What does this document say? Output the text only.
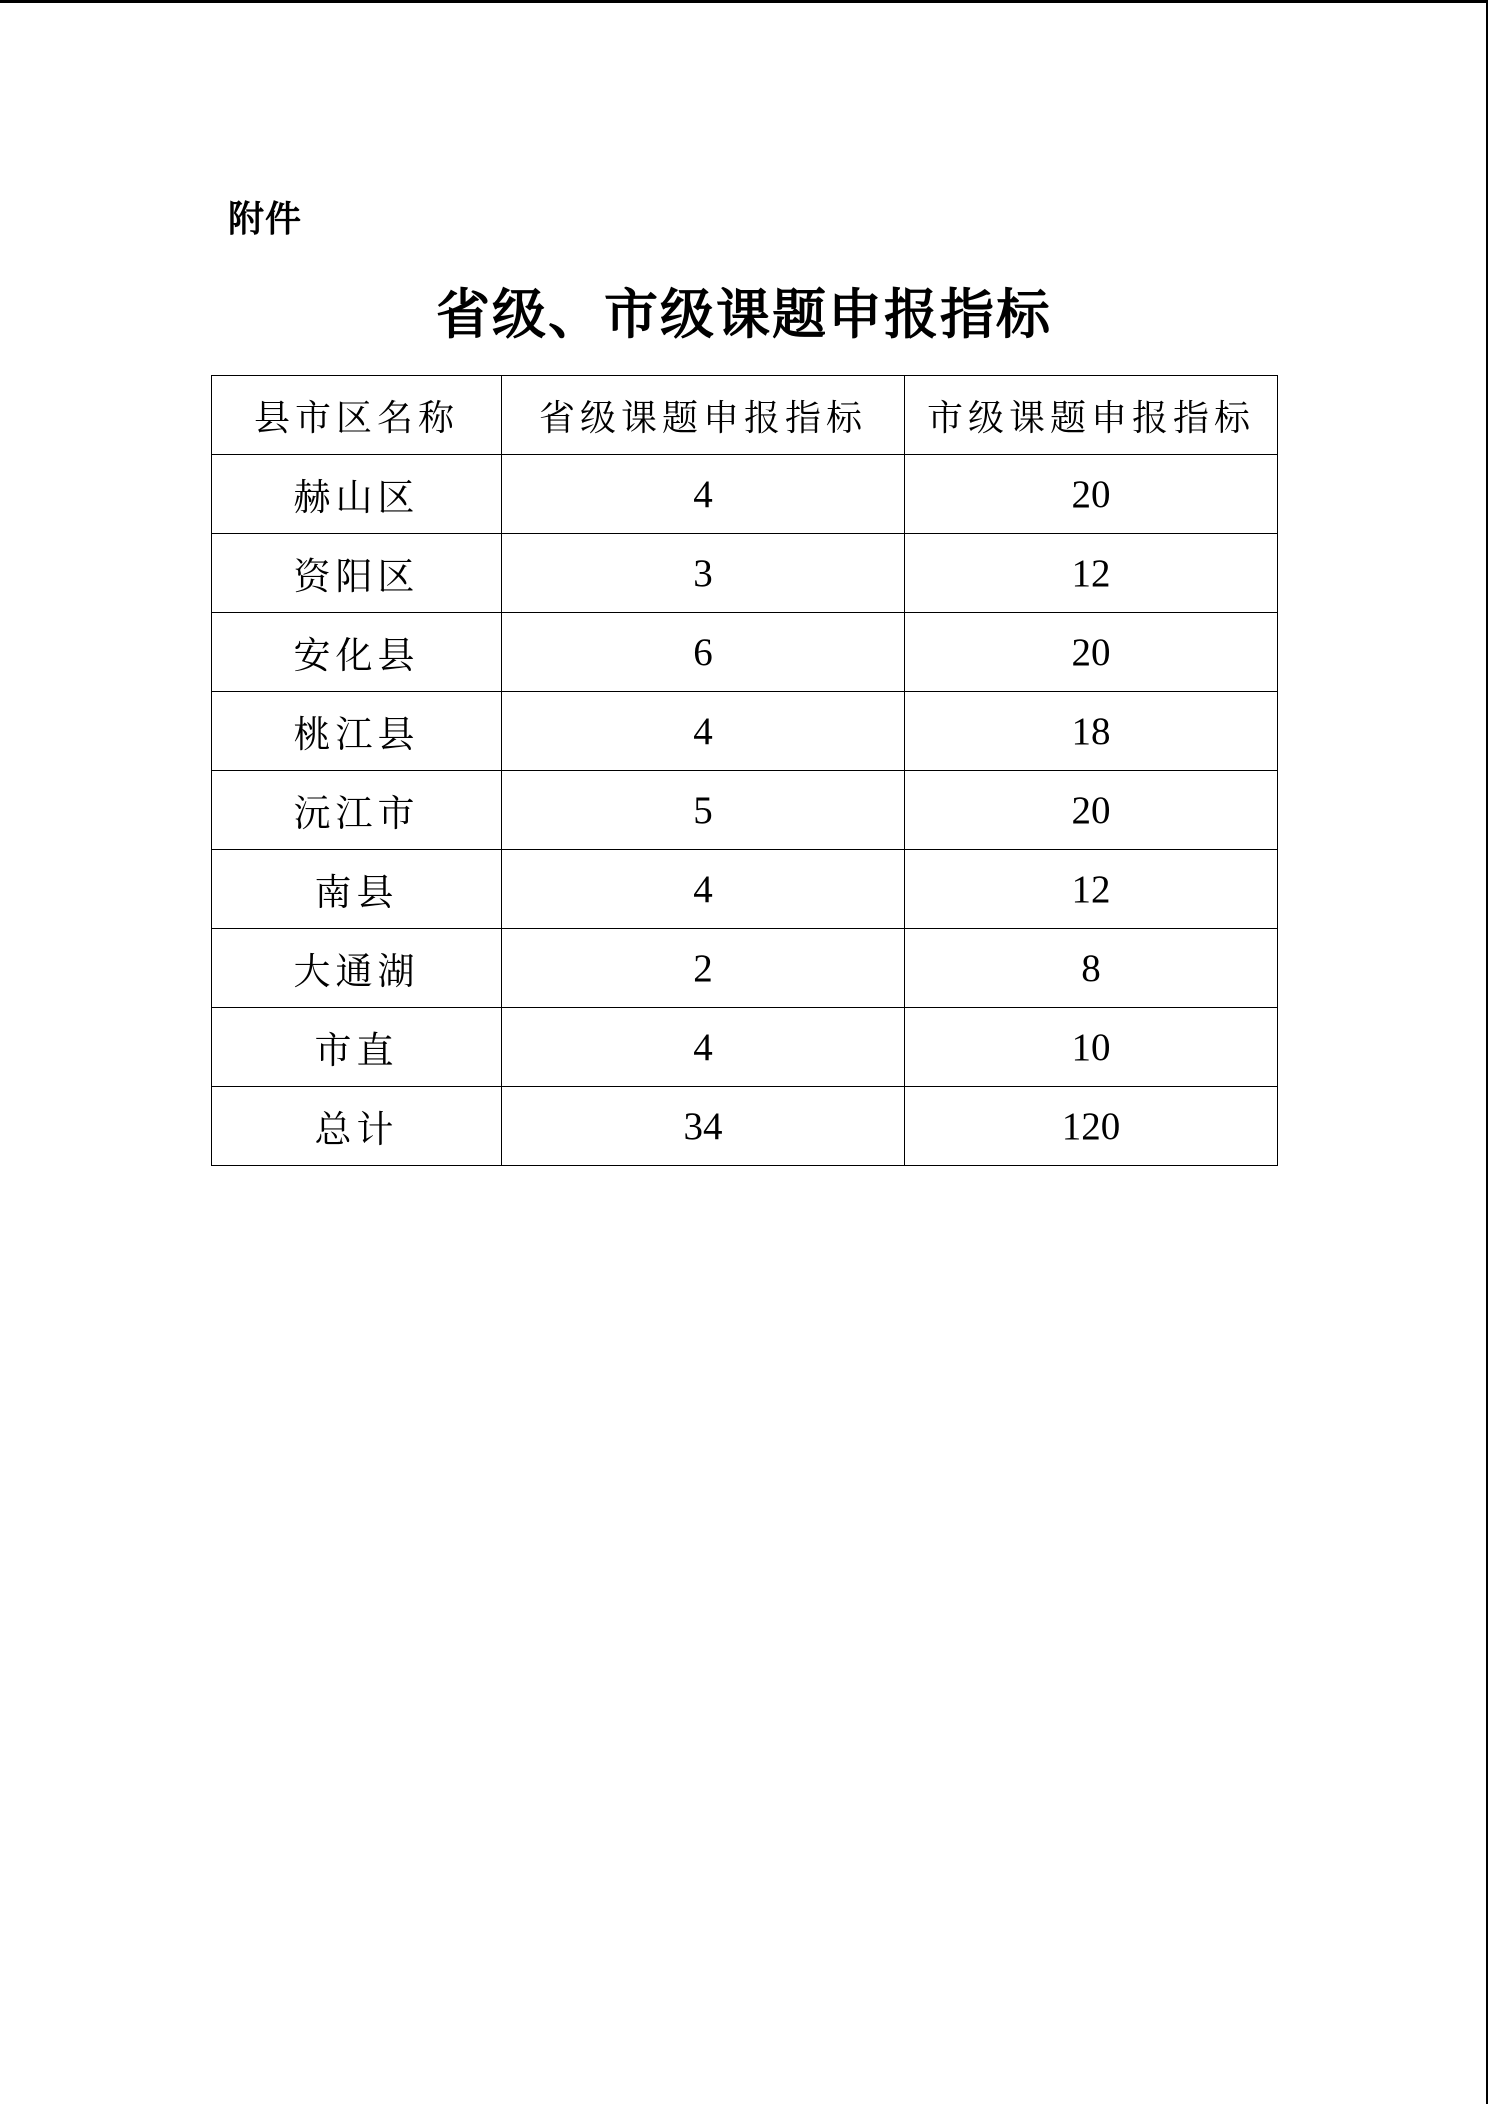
附件
省级、市级课题申报指标
县市区名称	省级课题申报指标	市级课题申报指标
赫山区	4	20
资阳区	3	12
安化县	6	20
桃江县	4	18
沅江市	5	20
南县	4	12
大通湖	2	8
市直	4	10
总计	34	120
